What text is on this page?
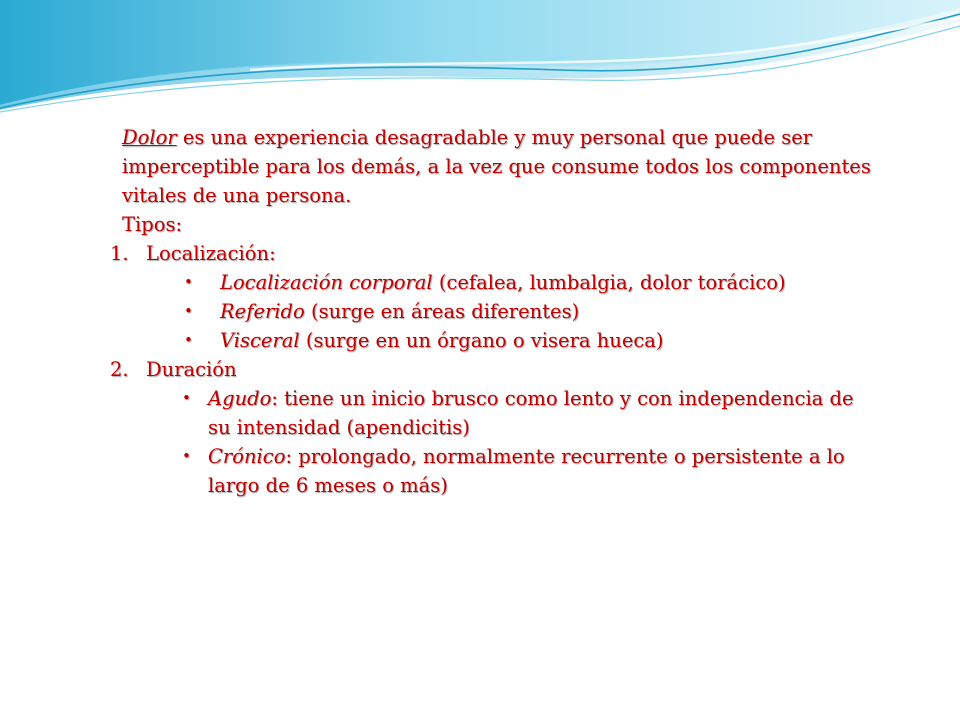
Dolor es una experiencia desagradable y muy personal que puede ser imperceptible para los demás, a la vez que consume todos los componentes vitales de una persona.

Tipos:

1. Localización:
•	Localización corporal (cefalea, lumbalgia, dolor torácico)
•	Referido (surge en áreas diferentes)
•	Visceral (surge en un órgano o visera hueca)
2. Duración
• Agudo: tiene un inicio brusco como lento y con independencia de su intensidad (apendicitis)
• Crónico: prolongado, normalmente recurrente o persistente a lo largo de 6 meses o más)
